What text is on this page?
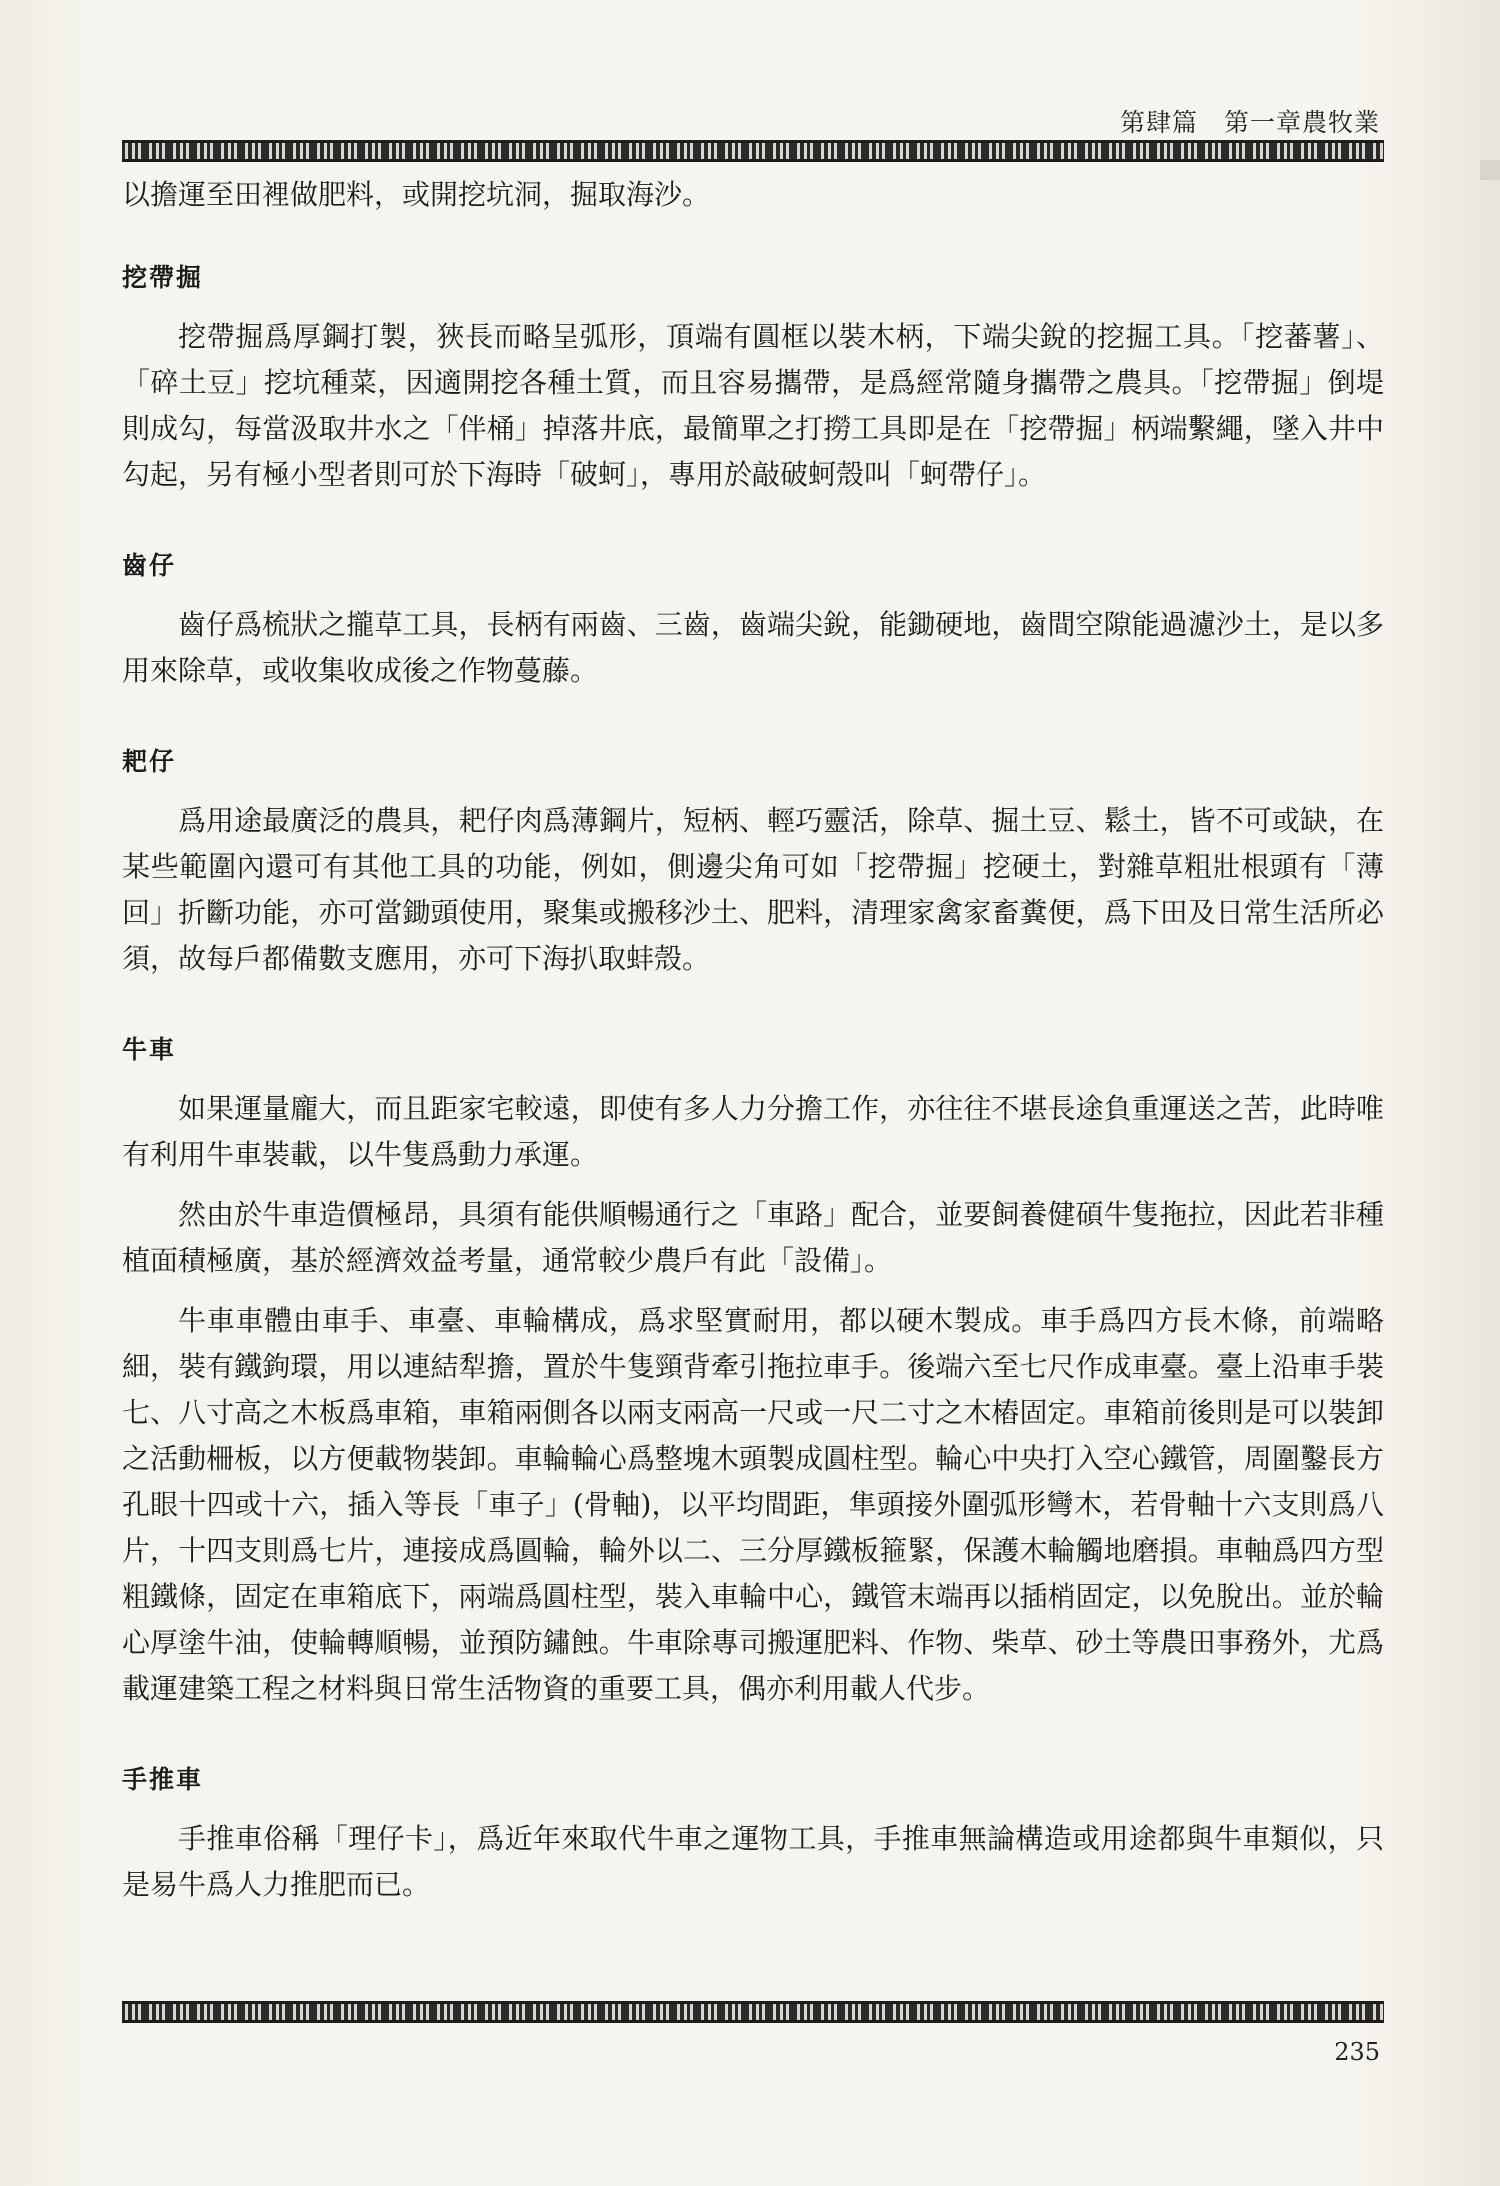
第肆篇　第一章農牧業

以擔運至田裡做肥料，或開挖坑洞，掘取海沙。

挖帶掘

挖帶掘爲厚鋼打製，狹長而略呈弧形，頂端有圓框以裝木柄，下端尖銳的挖掘工具。「挖蕃薯」、「碎土豆」挖坑種菜，因適開挖各種土質，而且容易攜帶，是爲經常隨身攜帶之農具。「挖帶掘」倒堤則成勾，每當汲取井水之「伴桶」掉落井底，最簡單之打撈工具即是在「挖帶掘」柄端繫繩，墜入井中勾起，另有極小型者則可於下海時「破蚵」，專用於敲破蚵殼叫「蚵帶仔」。

齒仔

齒仔爲梳狀之攏草工具，長柄有兩齒、三齒，齒端尖銳，能鋤硬地，齒間空隙能過濾沙土，是以多用來除草，或收集收成後之作物蔓藤。

耙仔

爲用途最廣泛的農具，耙仔肉爲薄鋼片，短柄、輕巧靈活，除草、掘土豆、鬆土，皆不可或缺，在某些範圍內還可有其他工具的功能，例如，側邊尖角可如「挖帶掘」挖硬土，對雜草粗壯根頭有「薄回」折斷功能，亦可當鋤頭使用，聚集或搬移沙土、肥料，清理家禽家畜糞便，爲下田及日常生活所必須，故每戶都備數支應用，亦可下海扒取蚌殼。

牛車

如果運量龐大，而且距家宅較遠，即使有多人力分擔工作，亦往往不堪長途負重運送之苦，此時唯有利用牛車裝載，以牛隻爲動力承運。

然由於牛車造價極昂，具須有能供順暢通行之「車路」配合，並要飼養健碩牛隻拖拉，因此若非種植面積極廣，基於經濟效益考量，通常較少農戶有此「設備」。

牛車車體由車手、車臺、車輪構成，爲求堅實耐用，都以硬木製成。車手爲四方長木條，前端略細，裝有鐵鉤環，用以連結犁擔，置於牛隻頸背牽引拖拉車手。後端六至七尺作成車臺。臺上沿車手裝七、八寸高之木板爲車箱，車箱兩側各以兩支兩高一尺或一尺二寸之木樁固定。車箱前後則是可以裝卸之活動柵板，以方便載物裝卸。車輪輪心爲整塊木頭製成圓柱型。輪心中央打入空心鐵管，周圍鑿長方孔眼十四或十六，插入等長「車子」(骨軸)，以平均間距，隼頭接外圍弧形彎木，若骨軸十六支則爲八片，十四支則爲七片，連接成爲圓輪，輪外以二、三分厚鐵板箍緊，保護木輪觸地磨損。車軸爲四方型粗鐵條，固定在車箱底下，兩端爲圓柱型，裝入車輪中心，鐵管末端再以插梢固定，以免脫出。並於輪心厚塗牛油，使輪轉順暢，並預防鏽蝕。牛車除專司搬運肥料、作物、柴草、砂土等農田事務外，尤爲載運建築工程之材料與日常生活物資的重要工具，偶亦利用載人代步。

手推車

手推車俗稱「理仔卡」，爲近年來取代牛車之運物工具，手推車無論構造或用途都與牛車類似，只是易牛爲人力推肥而已。

235
